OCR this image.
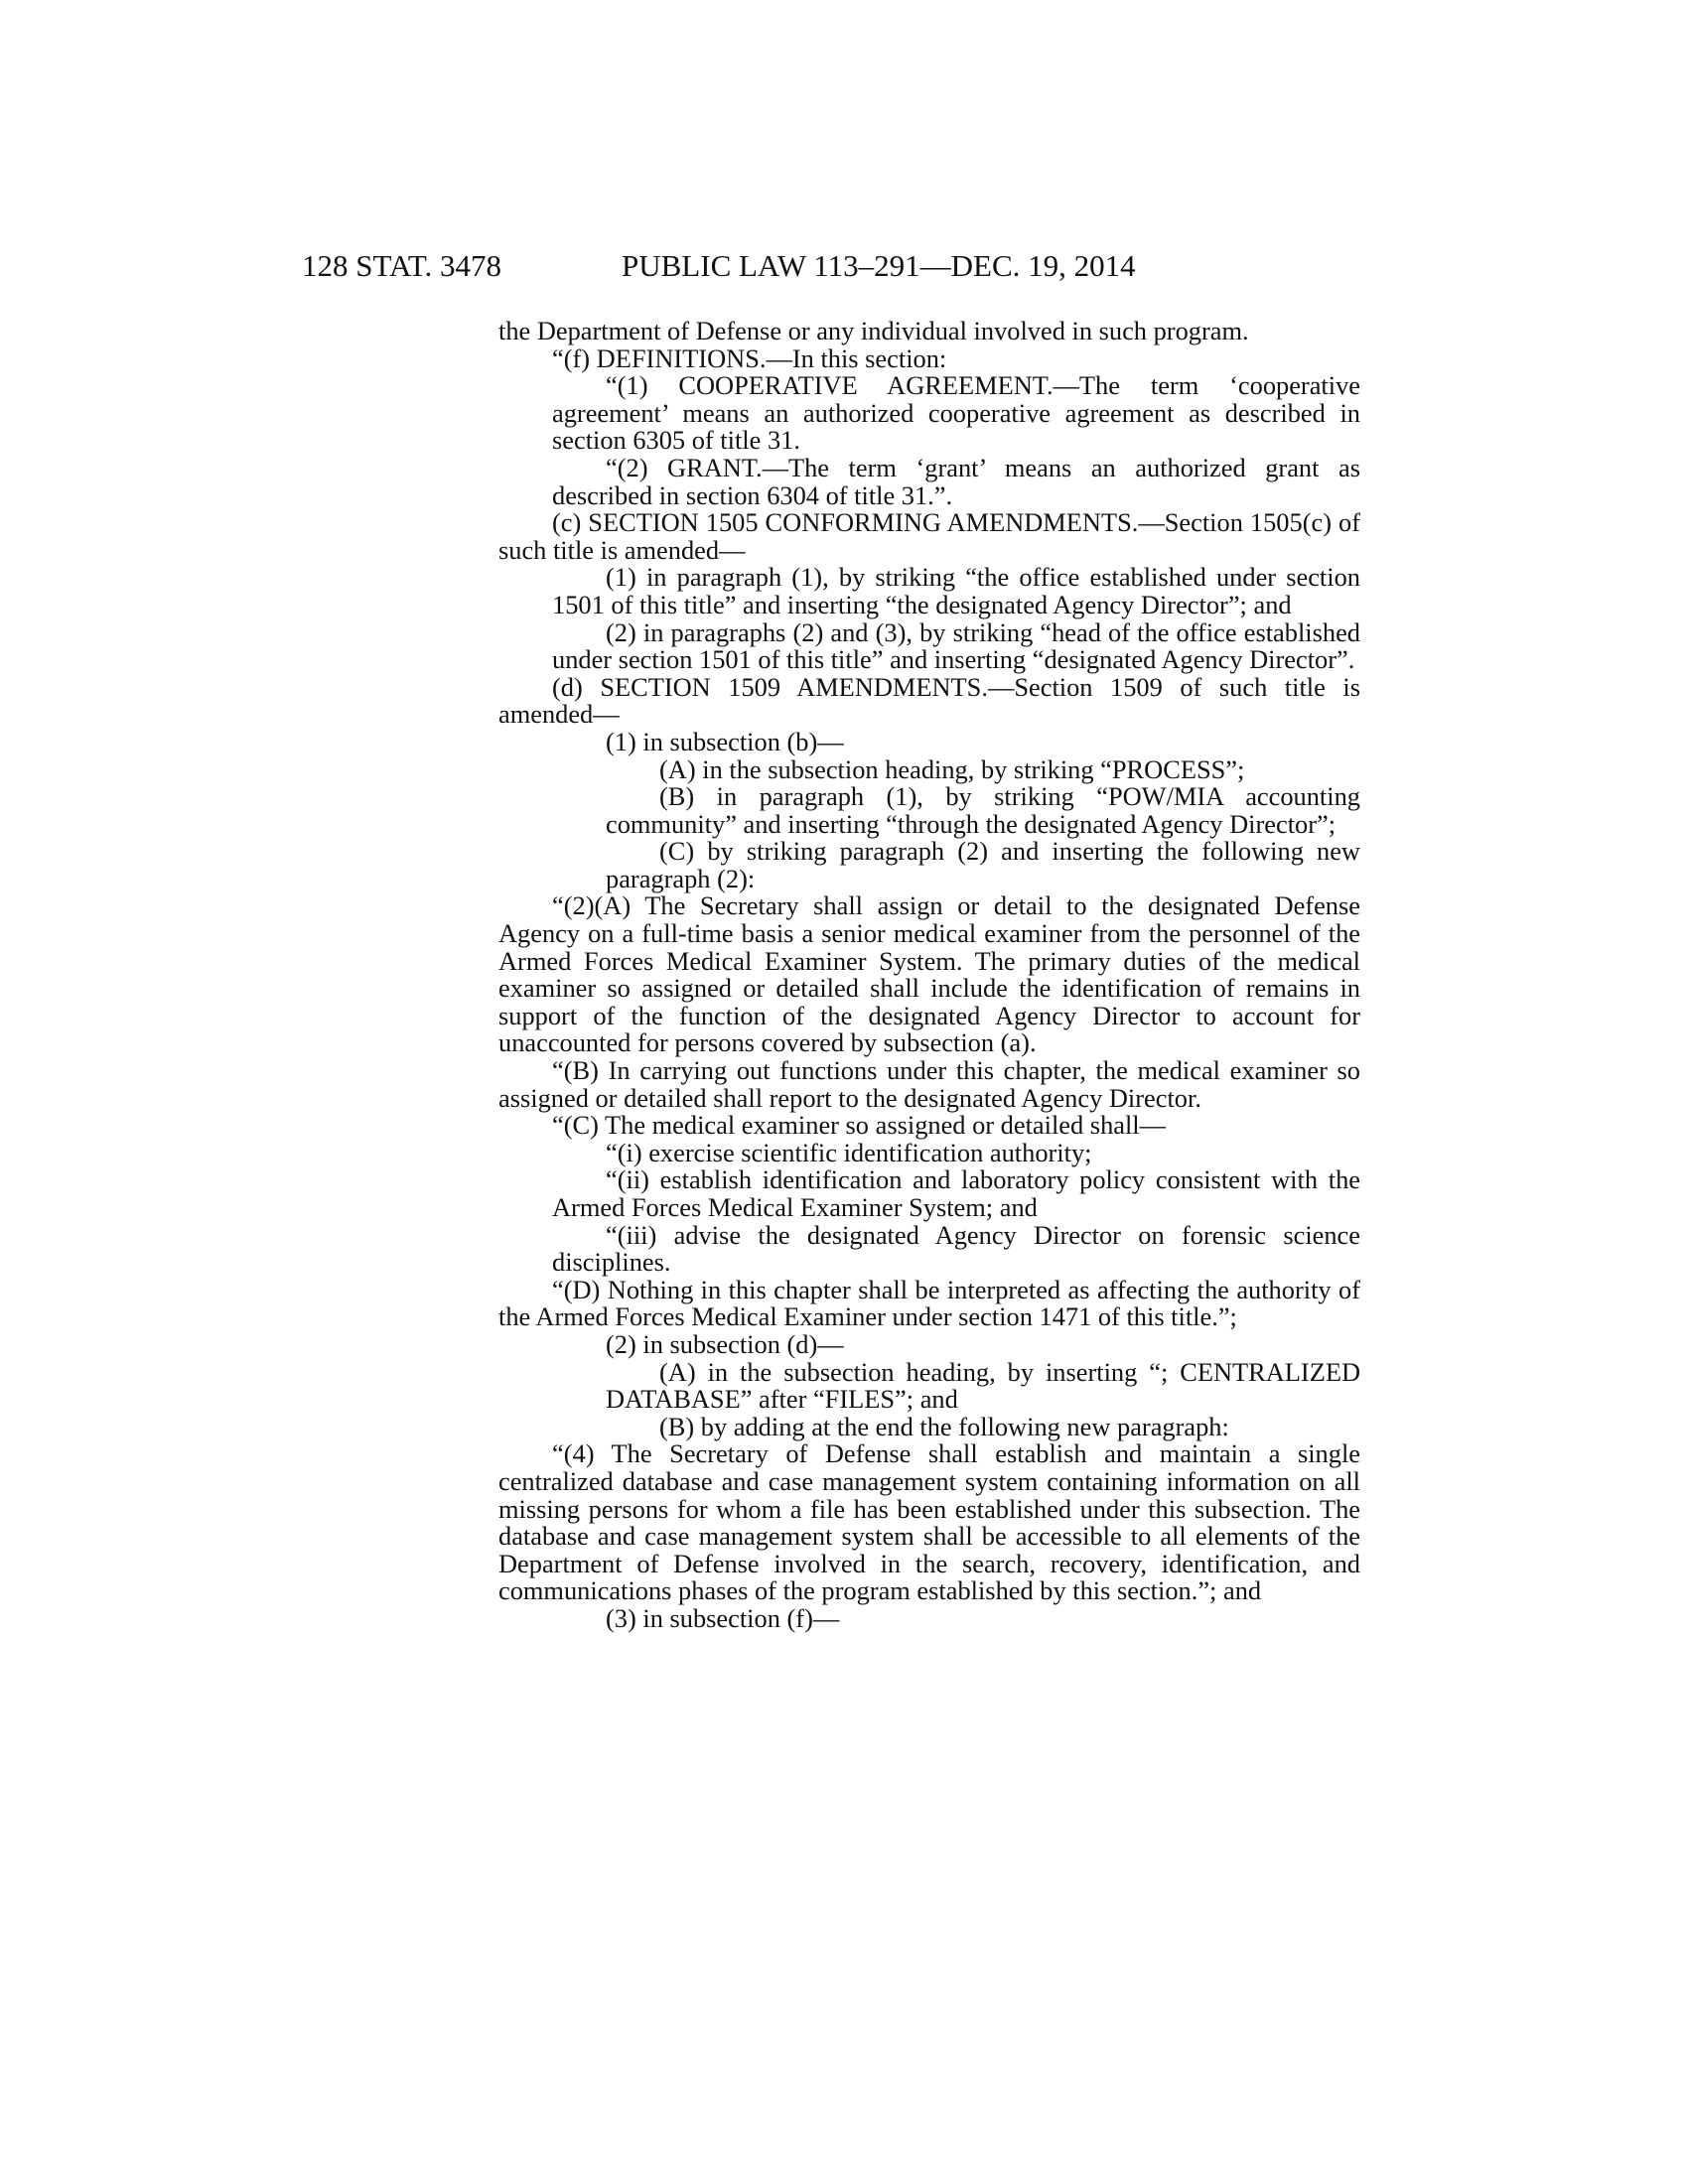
128 STAT. 3478	PUBLIC LAW 113–291—DEC. 19, 2014

the Department of Defense or any individual involved in such program.

“(f) DEFINITIONS.—In this section:

“(1) COOPERATIVE AGREEMENT.—The term ‘cooperative agreement’ means an authorized cooperative agreement as described in section 6305 of title 31.

“(2) GRANT.—The term ‘grant’ means an authorized grant as described in section 6304 of title 31.”.

(c) SECTION 1505 CONFORMING AMENDMENTS.—Section 1505(c) of such title is amended—

(1) in paragraph (1), by striking “the office established under section 1501 of this title” and inserting “the designated Agency Director”; and

(2) in paragraphs (2) and (3), by striking “head of the office established under section 1501 of this title” and inserting “designated Agency Director”.

(d) SECTION 1509 AMENDMENTS.—Section 1509 of such title is amended—

(1) in subsection (b)—

(A) in the subsection heading, by striking “PROCESS”;

(B) in paragraph (1), by striking “POW/MIA accounting community” and inserting “through the designated Agency Director”;

(C) by striking paragraph (2) and inserting the following new paragraph (2):

“(2)(A) The Secretary shall assign or detail to the designated Defense Agency on a full-time basis a senior medical examiner from the personnel of the Armed Forces Medical Examiner System. The primary duties of the medical examiner so assigned or detailed shall include the identification of remains in support of the function of the designated Agency Director to account for unaccounted for persons covered by subsection (a).

“(B) In carrying out functions under this chapter, the medical examiner so assigned or detailed shall report to the designated Agency Director.

“(C) The medical examiner so assigned or detailed shall—

“(i) exercise scientific identification authority;

“(ii) establish identification and laboratory policy consistent with the Armed Forces Medical Examiner System; and

“(iii) advise the designated Agency Director on forensic science disciplines.

“(D) Nothing in this chapter shall be interpreted as affecting the authority of the Armed Forces Medical Examiner under section 1471 of this title.”;

(2) in subsection (d)—

(A) in the subsection heading, by inserting “; CENTRALIZED DATABASE” after “FILES”; and

(B) by adding at the end the following new paragraph:

“(4) The Secretary of Defense shall establish and maintain a single centralized database and case management system containing information on all missing persons for whom a file has been established under this subsection. The database and case management system shall be accessible to all elements of the Department of Defense involved in the search, recovery, identification, and communications phases of the program established by this section.”; and

(3) in subsection (f)—
